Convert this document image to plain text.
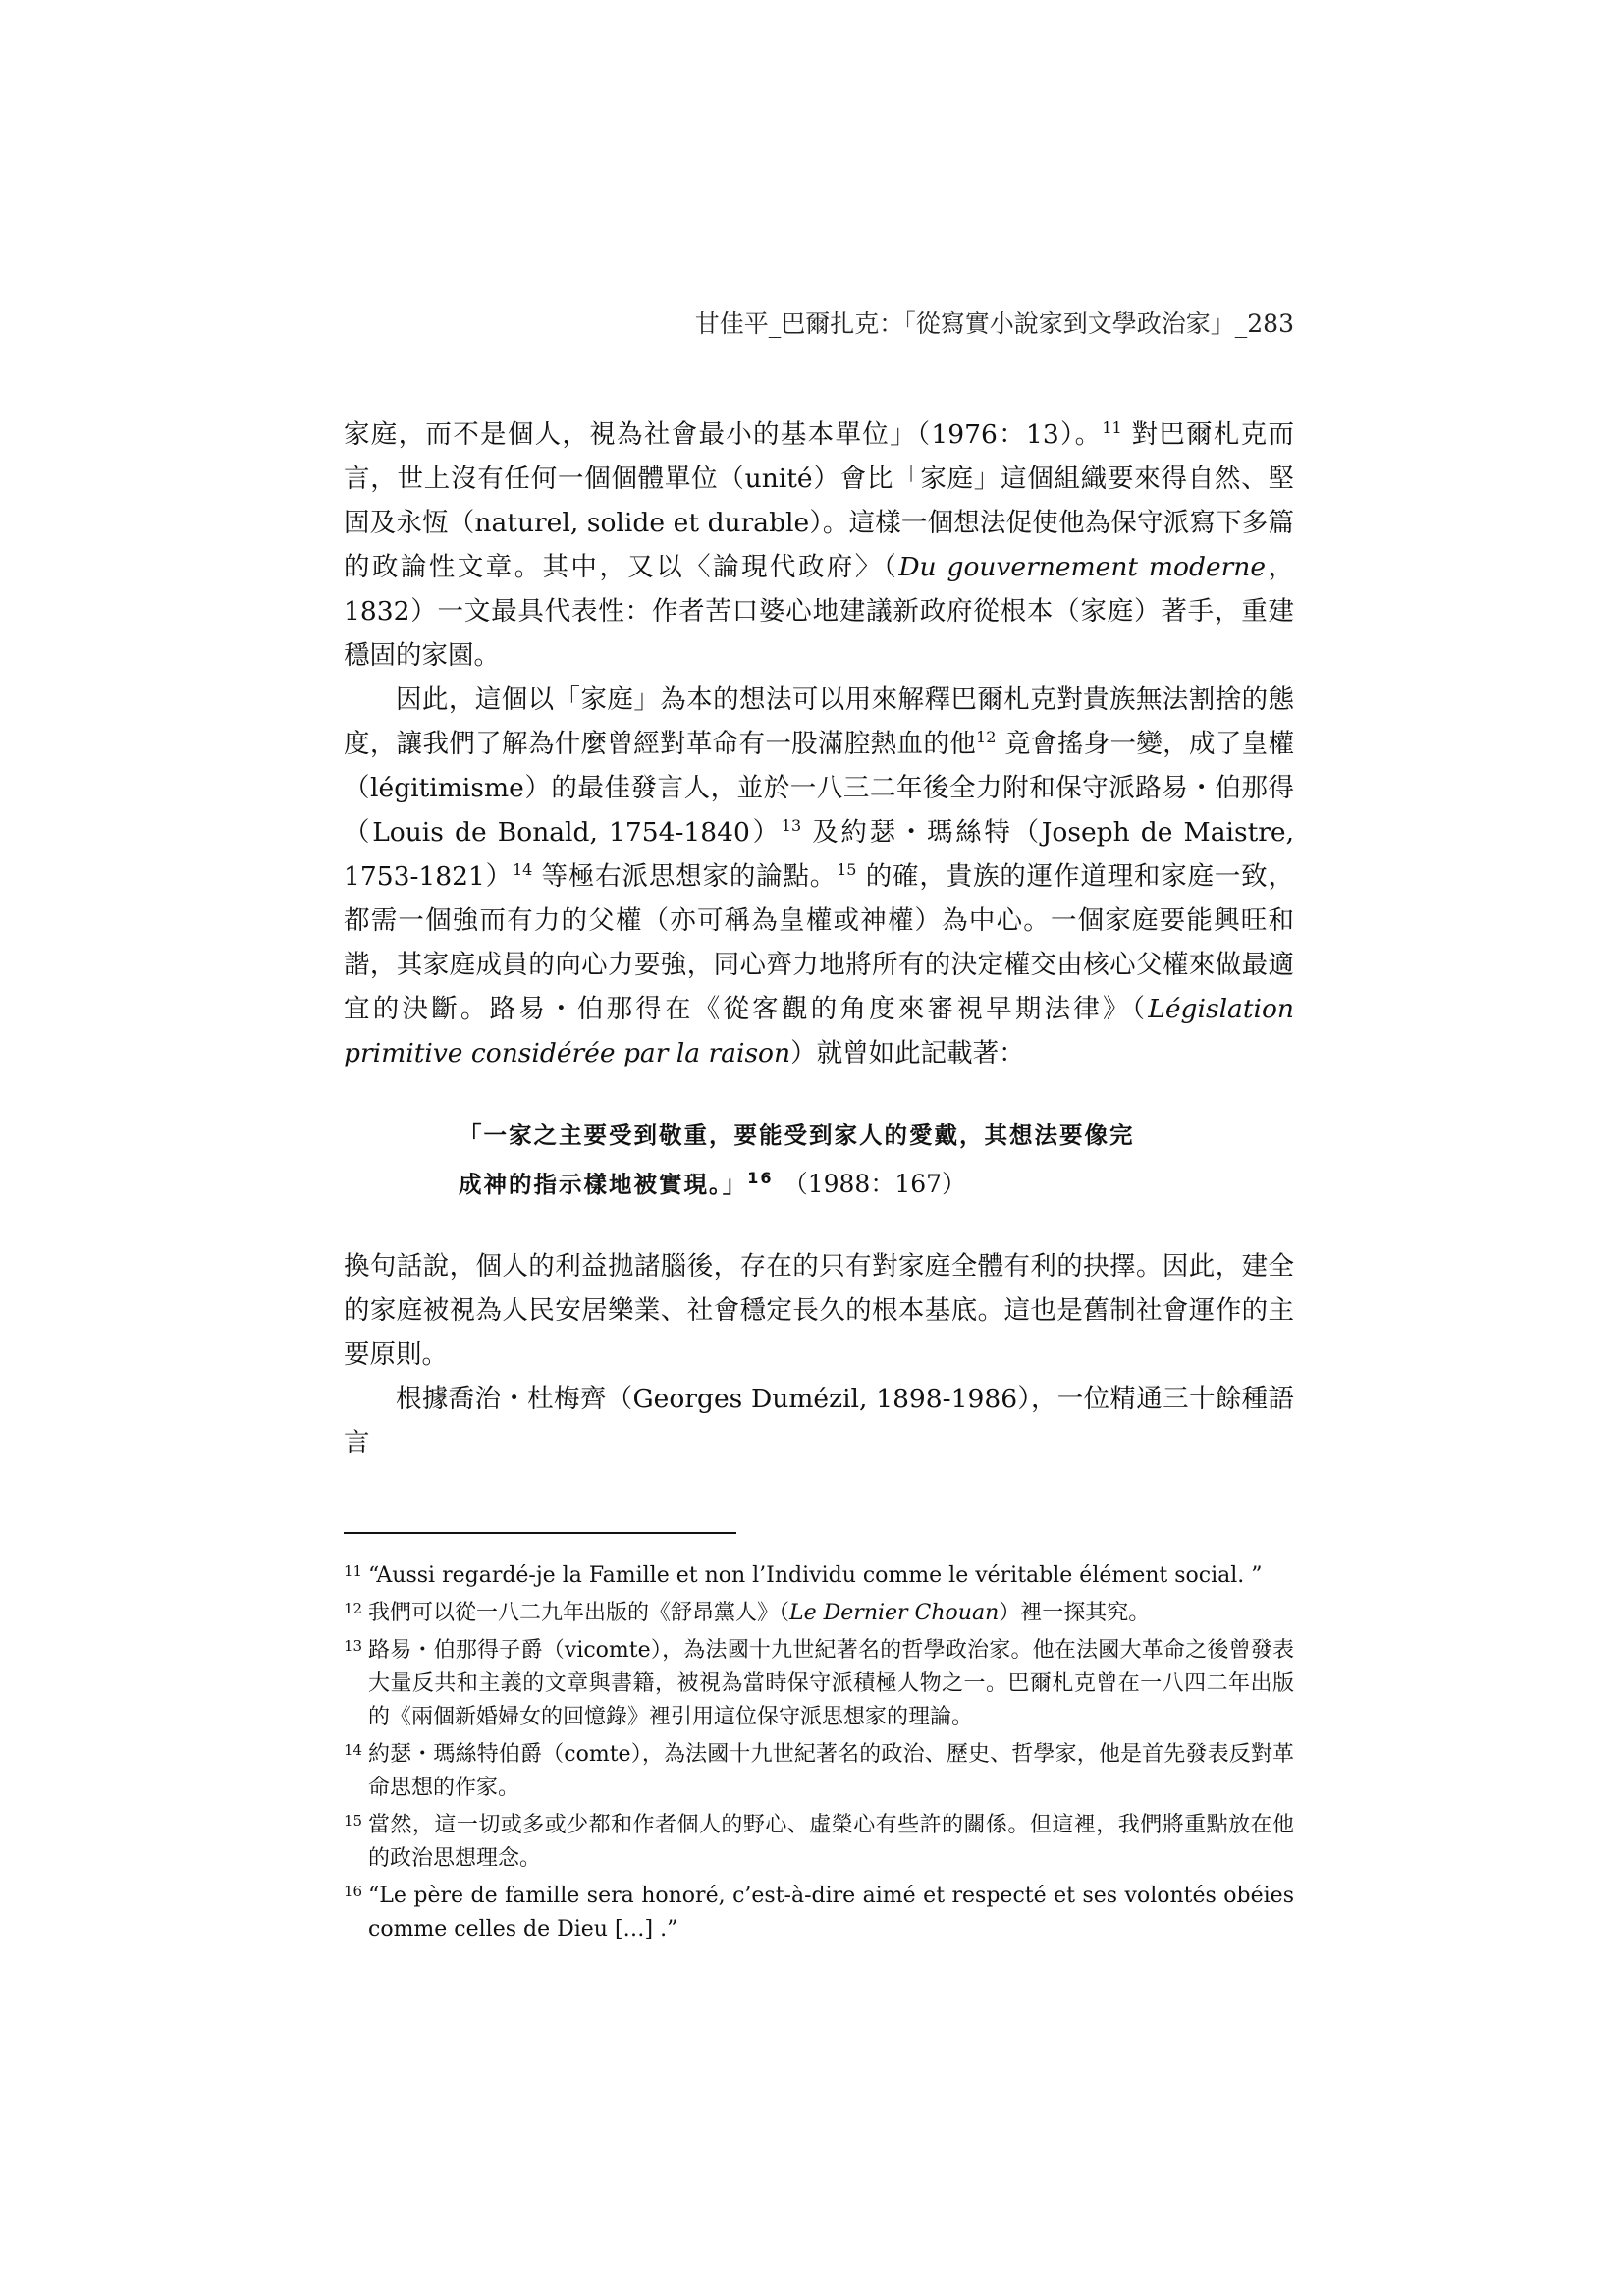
甘佳平_巴爾扎克：「從寫實小說家到文學政治家」_283

家庭，而不是個人，視為社會最小的基本單位」（1976：13）。$^{11}$ 對巴爾札克而言，世上沒有任何一個個體單位（unité）會比「家庭」這個組織要來得自然、堅固及永恆（naturel, solide et durable）。這樣一個想法促使他為保守派寫下多篇的政論性文章。其中，又以〈論現代政府〉（Du gouvernement moderne，1832）一文最具代表性：作者苦口婆心地建議新政府從根本（家庭）著手，重建穩固的家園。

因此，這個以「家庭」為本的想法可以用來解釋巴爾札克對貴族無法割捨的態度，讓我們了解為什麼曾經對革命有一股滿腔熱血的他$^{12}$ 竟會搖身一變，成了皇權（légitimisme）的最佳發言人，並於一八三二年後全力附和保守派路易・伯那得（Louis de Bonald, 1754-1840）$^{13}$ 及約瑟・瑪絲特（Joseph de Maistre, 1753-1821）$^{14}$ 等極右派思想家的論點。$^{15}$ 的確，貴族的運作道理和家庭一致，都需一個強而有力的父權（亦可稱為皇權或神權）為中心。一個家庭要能興旺和諧，其家庭成員的向心力要強，同心齊力地將所有的決定權交由核心父權來做最適宜的決斷。路易・伯那得在《從客觀的角度來審視早期法律》（Législation primitive considérée par la raison）就曾如此記載著：

「一家之主要受到敬重，要能受到家人的愛戴，其想法要像完
成神的指示樣地被實現。」$^{16}$ （1988：167）

換句話說，個人的利益拋諸腦後，存在的只有對家庭全體有利的抉擇。因此，建全的家庭被視為人民安居樂業、社會穩定長久的根本基底。這也是舊制社會運作的主要原則。

根據喬治・杜梅齊（Georges Dumézil, 1898-1986），一位精通三十餘種語言

11 “Aussi regardé-je la Famille et non l’Individu comme le véritable élément social. ”
12 我們可以從一八二九年出版的《舒昂黨人》（Le Dernier Chouan）裡一探其究。
13 路易・伯那得子爵（vicomte），為法國十九世紀著名的哲學政治家。他在法國大革命之後曾發表大量反共和主義的文章與書籍，被視為當時保守派積極人物之一。巴爾札克曾在一八四二年出版的《兩個新婚婦女的回憶錄》裡引用這位保守派思想家的理論。
14 約瑟・瑪絲特伯爵（comte），為法國十九世紀著名的政治、歷史、哲學家，他是首先發表反對革命思想的作家。
15 當然，這一切或多或少都和作者個人的野心、虛榮心有些許的關係。但這裡，我們將重點放在他的政治思想理念。
16 “Le père de famille sera honoré, c’est-à-dire aimé et respecté et ses volontés obéies comme celles de Dieu […] .”
